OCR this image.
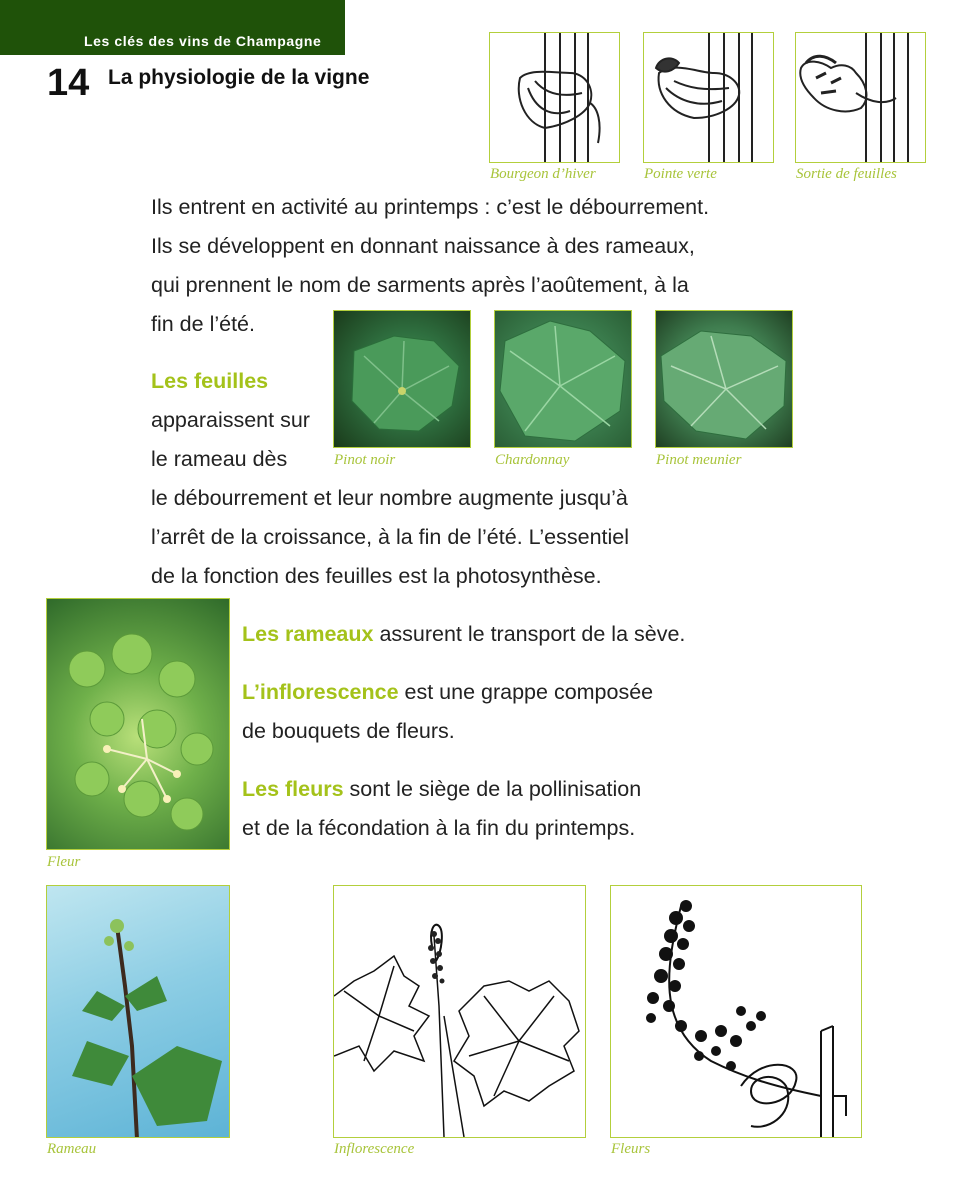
Les clés des vins de Champagne
14 La physiologie de la vigne
Bourgeon d’hiver	Pointe verte	Sortie de feuilles
Ils entrent en activité au printemps : c’est le débourrement.
Ils se développent en donnant naissance à des rameaux,
qui prennent le nom de sarments après l’aoûtement, à la
fin de l’été.
Pinot noir	Chardonnay	Pinot meunier
Les feuilles
apparaissent sur
le rameau dès
le débourrement et leur nombre augmente jusqu’à
l’arrêt de la croissance, à la fin de l’été. L’essentiel
de la fonction des feuilles est la photosynthèse.
Fleur
Les rameaux assurent le transport de la sève.
L’inflorescence est une grappe composée
de bouquets de fleurs.
Les fleurs sont le siège de la pollinisation
et de la fécondation à la fin du printemps.
Rameau	Inflorescence	Fleurs
